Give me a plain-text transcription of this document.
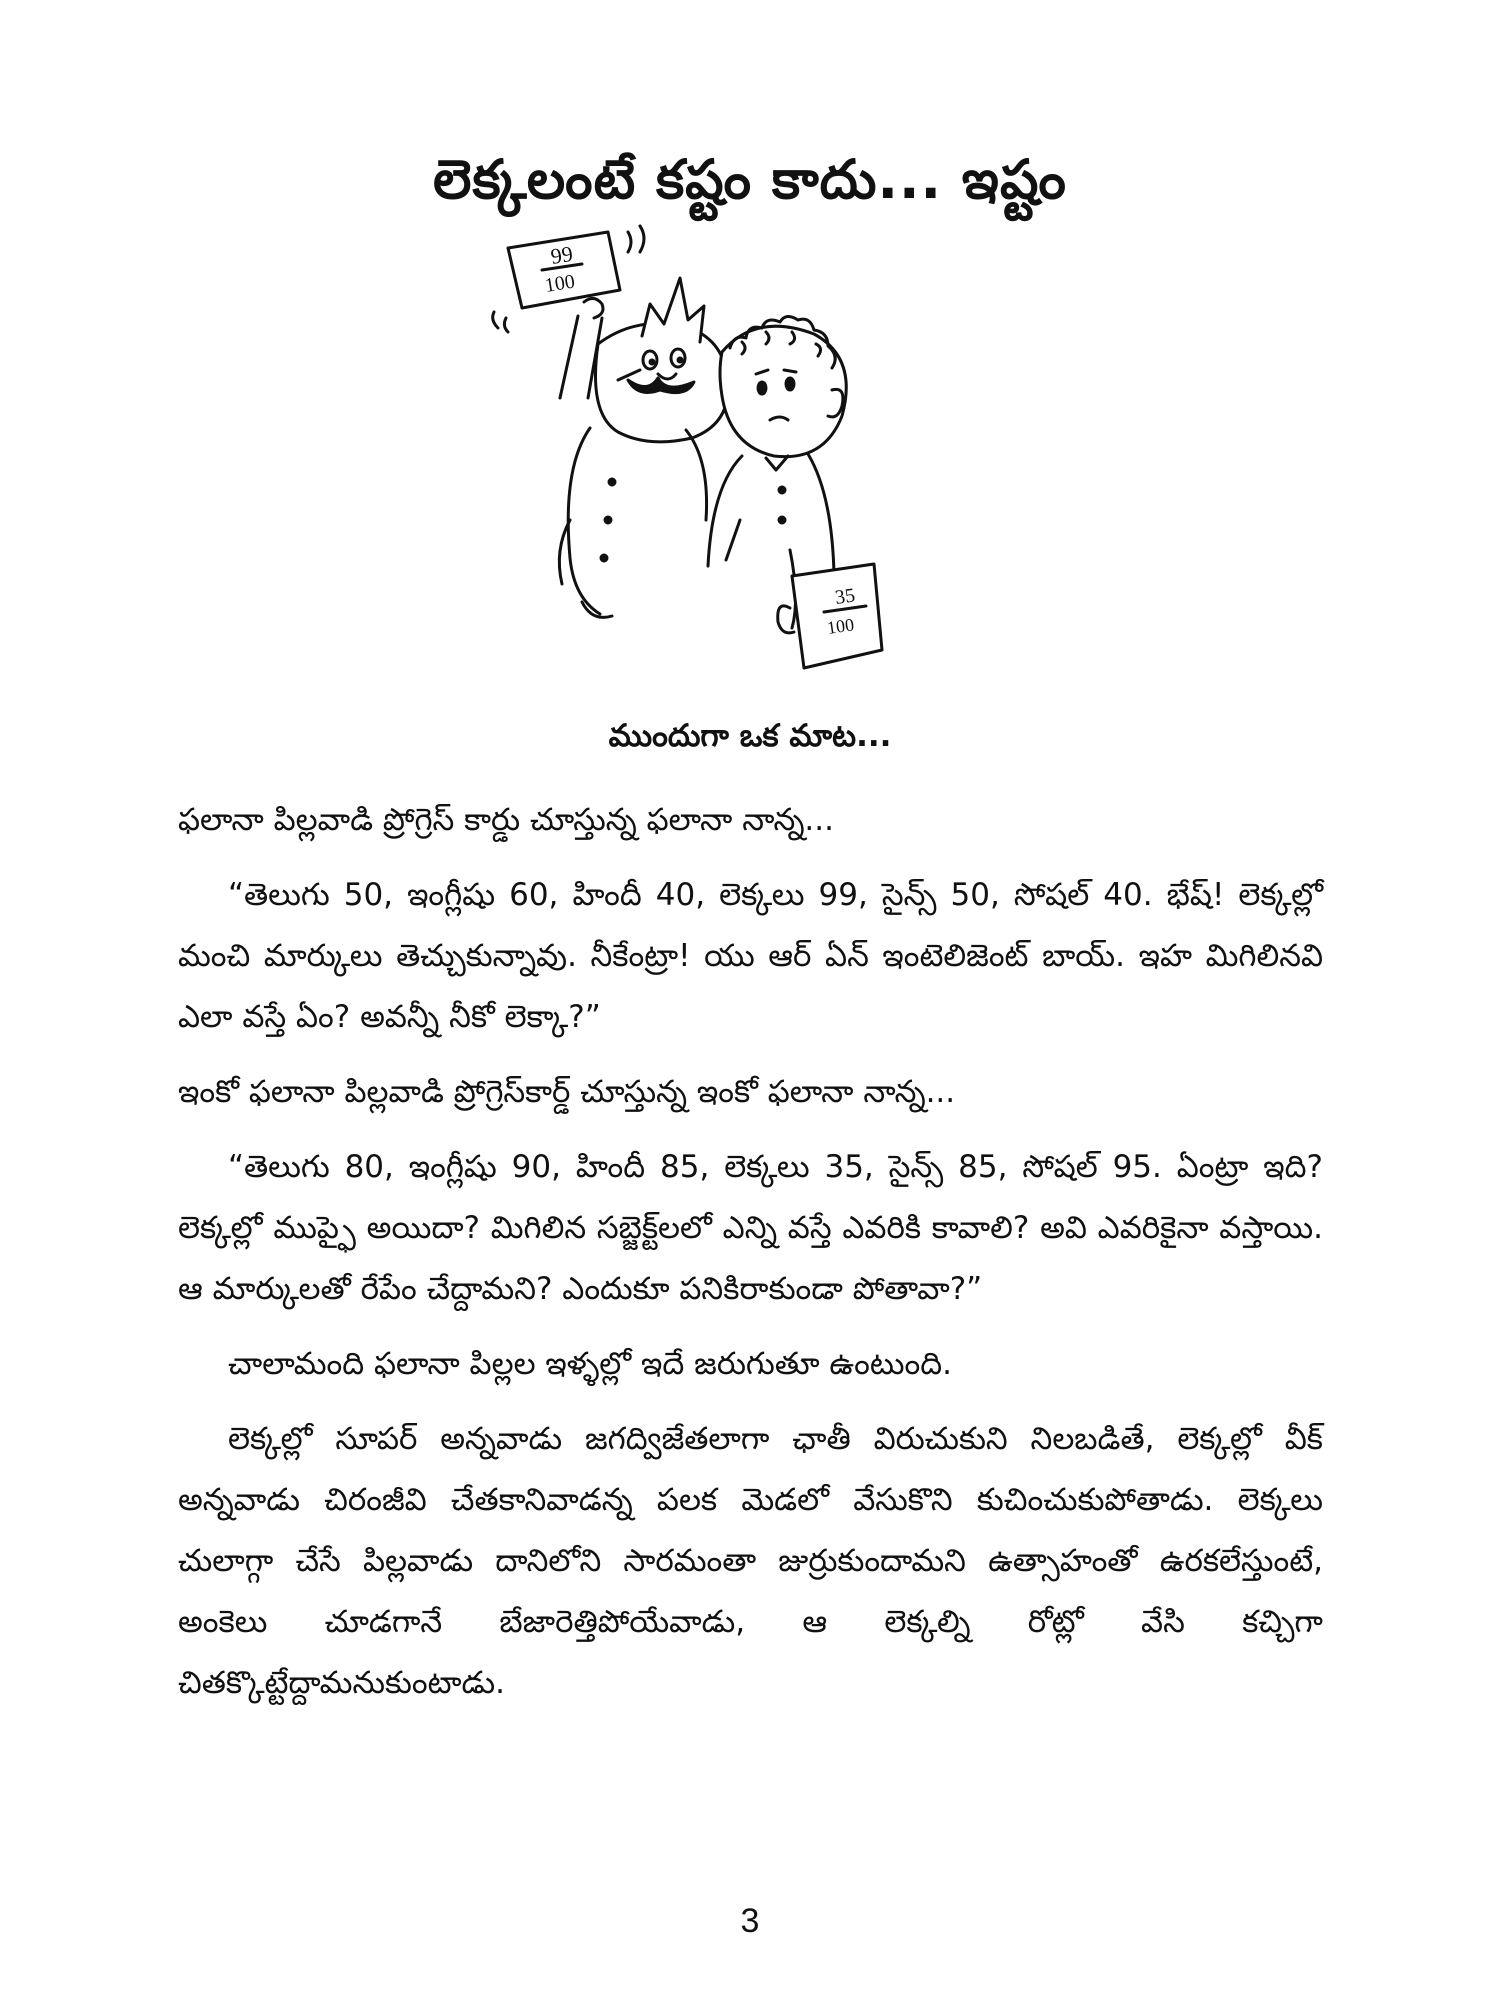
లెక్కలంటే కష్టం కాదు... ఇష్టం
99
100
35
100
ముందుగా ఒక మాట...

ఫలానా పిల్లవాడి ప్రోగ్రెస్ కార్డు చూస్తున్న ఫలానా నాన్న...

“తెలుగు 50, ఇంగ్లీషు 60, హిందీ 40, లెక్కలు 99, సైన్స్ 50, సోషల్ 40. భేష్! లెక్కల్లో మంచి మార్కులు తెచ్చుకున్నావు. నీకేంట్రా! యు ఆర్ ఏన్ ఇంటెలిజెంట్ బాయ్. ఇహ మిగిలినవి ఎలా వస్తే ఏం? అవన్నీ నీకో లెక్కా?”

ఇంకో ఫలానా పిల్లవాడి ప్రోగ్రెస్‌కార్డ్ చూస్తున్న ఇంకో ఫలానా నాన్న...

“తెలుగు 80, ఇంగ్లీషు 90, హిందీ 85, లెక్కలు 35, సైన్స్ 85, సోషల్ 95. ఏంట్రా ఇది? లెక్కల్లో ముప్ఫై అయిదా? మిగిలిన సబ్జెక్ట్‌లలో ఎన్ని వస్తే ఎవరికి కావాలి? అవి ఎవరికైనా వస్తాయి. ఆ మార్కులతో రేపేం చేద్దామని? ఎందుకూ పనికిరాకుండా పోతావా?”

చాలామంది ఫలానా పిల్లల ఇళ్ళల్లో ఇదే జరుగుతూ ఉంటుంది.

లెక్కల్లో సూపర్ అన్నవాడు జగద్విజేతలాగా ఛాతీ విరుచుకుని నిలబడితే, లెక్కల్లో వీక్ అన్నవాడు చిరంజీవి చేతకానివాడన్న పలక మెడలో వేసుకొని కుచించుకుపోతాడు. లెక్కలు చులాగ్గా చేసే పిల్లవాడు దానిలోని సారమంతా జుర్రుకుందామని ఉత్సాహంతో ఉరకలేస్తుంటే, అంకెలు చూడగానే బేజారెత్తిపోయేవాడు, ఆ లెక్కల్ని రోట్లో వేసి కచ్చిగా చితక్కొట్టేద్దామనుకుంటాడు.

3
